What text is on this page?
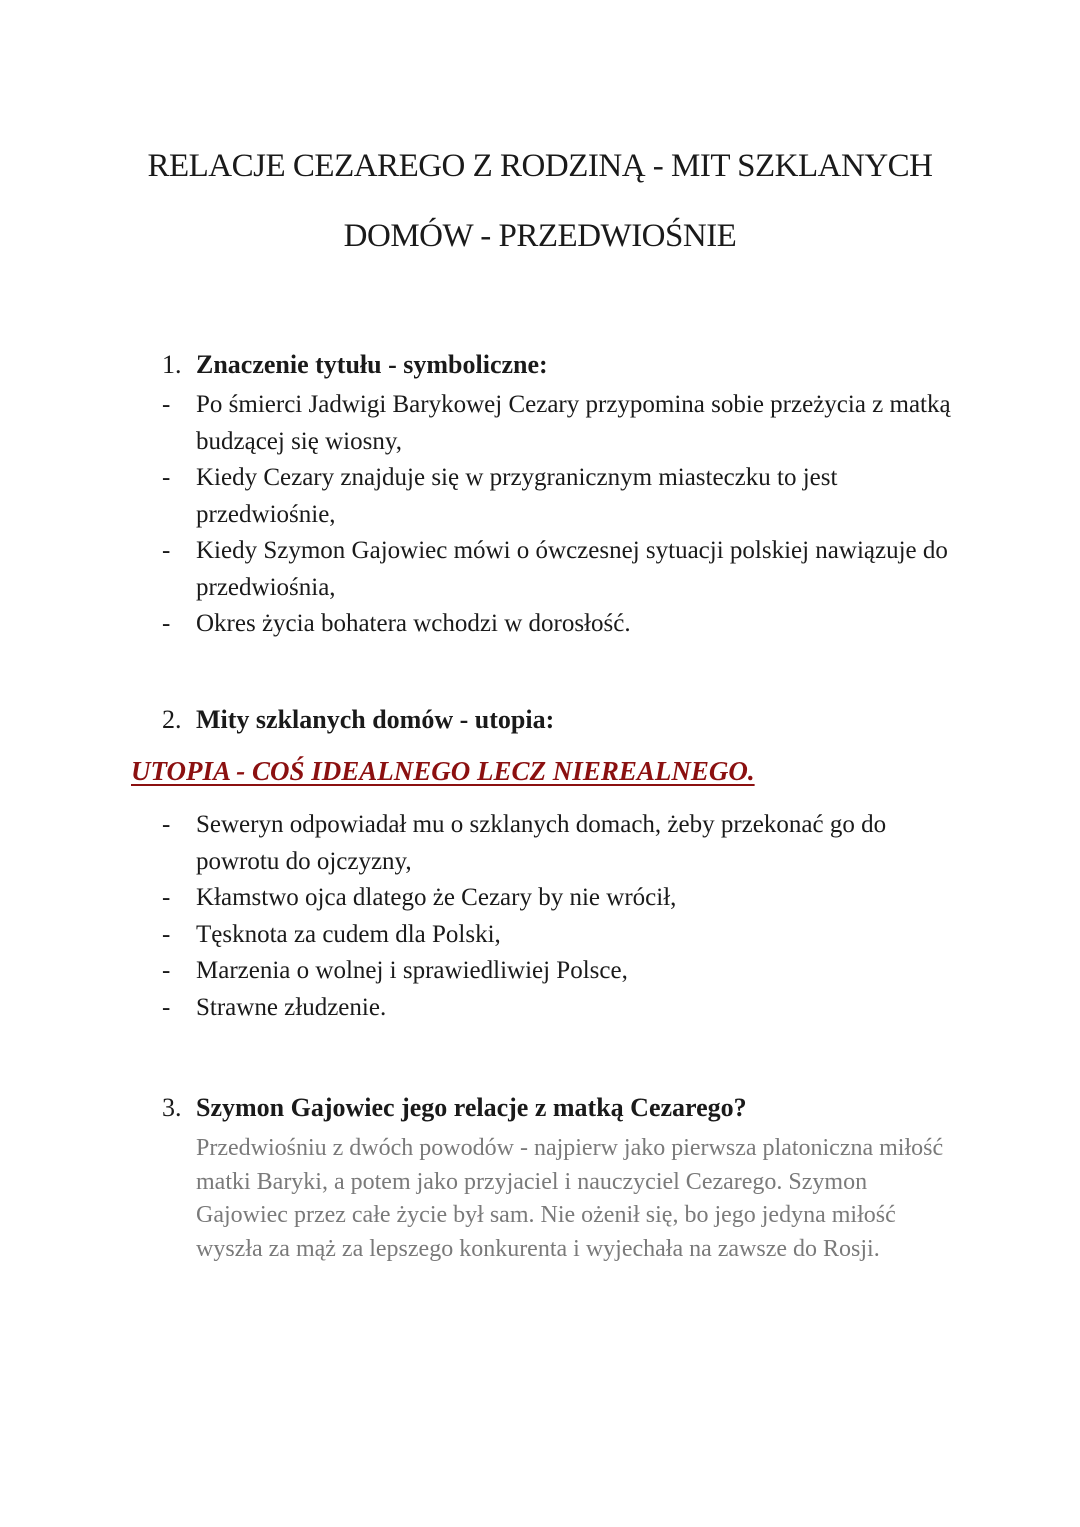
RELACJE CEZAREGO Z RODZINĄ - MIT SZKLANYCH
DOMÓW - PRZEDWIOŚNIE
1. Znaczenie tytułu - symboliczne:
- Po śmierci Jadwigi Barykowej Cezary przypomina sobie przeżycia z matką budzącej się wiosny,
- Kiedy Cezary znajduje się w przygranicznym miasteczku to jest przedwiośnie,
- Kiedy Szymon Gajowiec mówi o ówczesnej sytuacji polskiej nawiązuje do przedwiośnia,
- Okres życia bohatera wchodzi w dorosłość.
2. Mity szklanych domów - utopia:
UTOPIA - COŚ IDEALNEGO LECZ NIEREALNEGO.
- Seweryn odpowiadał mu o szklanych domach, żeby przekonać go do powrotu do ojczyzny,
- Kłamstwo ojca dlatego że Cezary by nie wrócił,
- Tęsknota za cudem dla Polski,
- Marzenia o wolnej i sprawiedliwiej Polsce,
- Strawne złudzenie.
3. Szymon Gajowiec jego relacje z matką Cezarego?
Przedwiośniu z dwóch powodów - najpierw jako pierwsza platoniczna miłość matki Baryki, a potem jako przyjaciel i nauczyciel Cezarego. Szymon Gajowiec przez całe życie był sam. Nie ożenił się, bo jego jedyna miłość wyszła za mąż za lepszego konkurenta i wyjechała na zawsze do Rosji.
